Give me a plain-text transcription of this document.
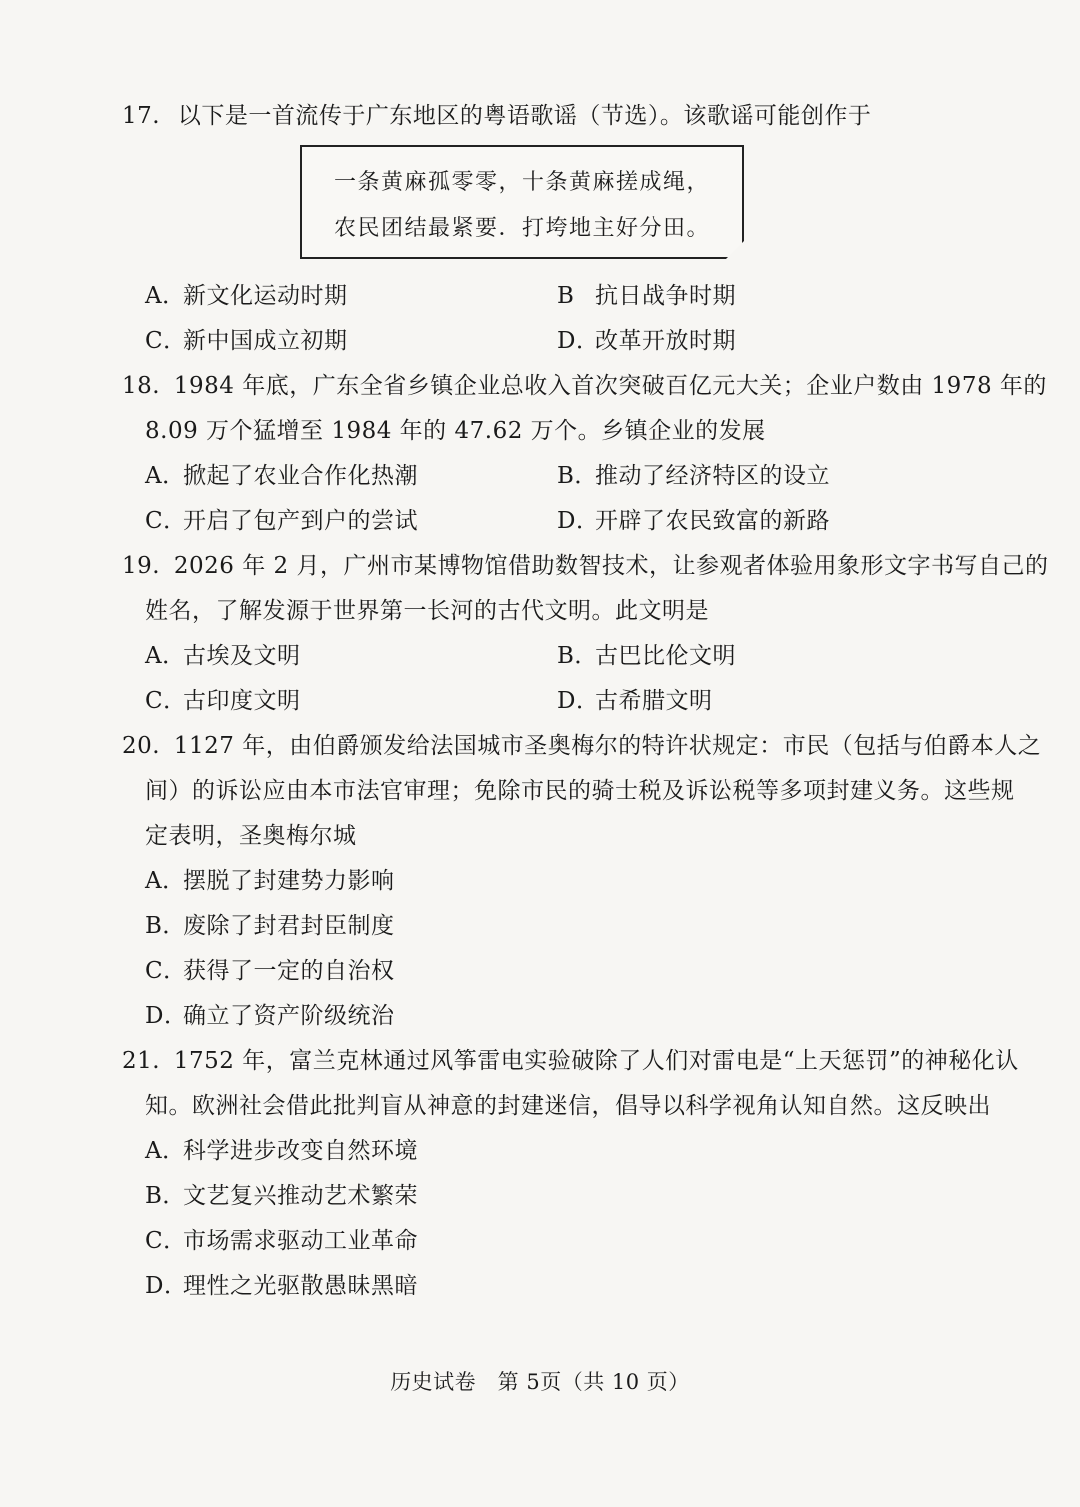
17. 以下是一首流传于广东地区的粤语歌谣（节选）。该歌谣可能创作于
一条黄麻孤零零，十条黄麻搓成绳，
农民团结最紧要．打垮地主好分田。
A．新文化运动时期	B 抗日战争时期
C．新中国成立初期	D．改革开放时期
18. 1984 年底，广东全省乡镇企业总收入首次突破百亿元大关；企业户数由 1978 年的
8.09 万个猛增至 1984 年的 47.62 万个。乡镇企业的发展
A．掀起了农业合作化热潮	B．推动了经济特区的设立
C．开启了包产到户的尝试	D．开辟了农民致富的新路
19. 2026 年 2 月，广州市某博物馆借助数智技术，让参观者体验用象形文字书写自己的
姓名，了解发源于世界第一长河的古代文明。此文明是
A．古埃及文明	B．古巴比伦文明
C．古印度文明	D．古希腊文明
20. 1127 年，由伯爵颁发给法国城市圣奥梅尔的特许状规定：市民（包括与伯爵本人之
间）的诉讼应由本市法官审理；免除市民的骑士税及诉讼税等多项封建义务。这些规
定表明，圣奥梅尔城
A．摆脱了封建势力影响
B．废除了封君封臣制度
C．获得了一定的自治权
D．确立了资产阶级统治
21. 1752 年，富兰克林通过风筝雷电实验破除了人们对雷电是“上天惩罚”的神秘化认
知。欧洲社会借此批判盲从神意的封建迷信，倡导以科学视角认知自然。这反映出
A．科学进步改变自然环境
B．文艺复兴推动艺术繁荣
C．市场需求驱动工业革命
D．理性之光驱散愚昧黑暗
历史试卷　第 5页（共 10 页）
